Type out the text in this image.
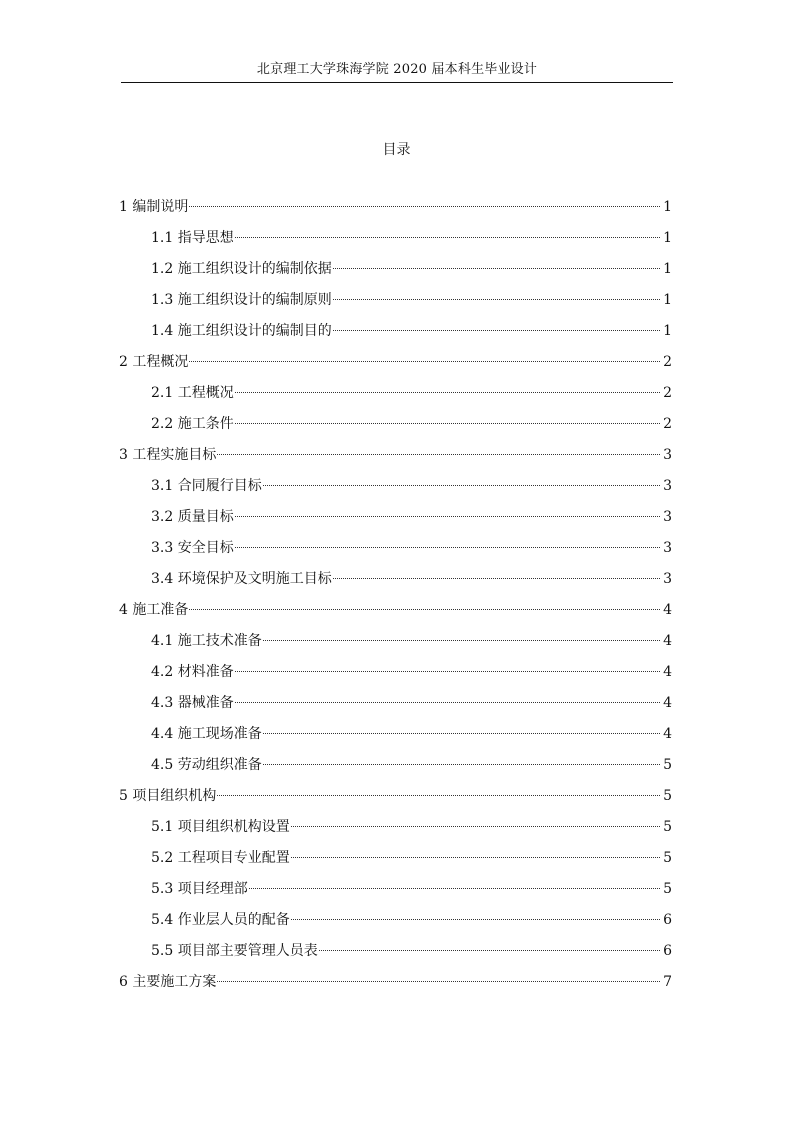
北京理工大学珠海学院 2020 届本科生毕业设计
目录
1 编制说明	1
1.1 指导思想	1
1.2 施工组织设计的编制依据	1
1.3 施工组织设计的编制原则	1
1.4 施工组织设计的编制目的	1
2 工程概况	2
2.1 工程概况	2
2.2 施工条件	2
3 工程实施目标	3
3.1 合同履行目标	3
3.2 质量目标	3
3.3 安全目标	3
3.4 环境保护及文明施工目标	3
4 施工准备	4
4.1 施工技术准备	4
4.2 材料准备	4
4.3 器械准备	4
4.4 施工现场准备	4
4.5 劳动组织准备	5
5 项目组织机构	5
5.1 项目组织机构设置	5
5.2 工程项目专业配置	5
5.3 项目经理部	5
5.4 作业层人员的配备	6
5.5 项目部主要管理人员表	6
6 主要施工方案	7
